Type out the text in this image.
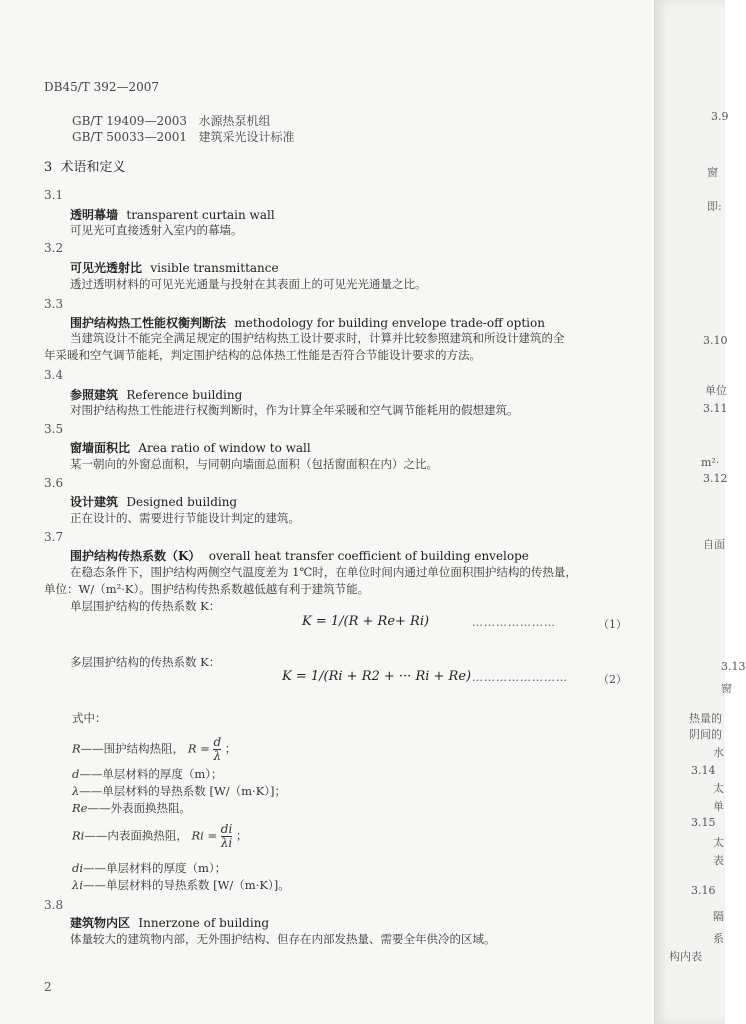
DB45/T 392—2007
GB/T 19409—2003 水源热泵机组
GB/T 50033—2001 建筑采光设计标准
3 术语和定义
3.1
透明幕墙 transparent curtain wall
可见光可直接透射入室内的幕墙。
3.2
可见光透射比 visible transmittance
透过透明材料的可见光光通量与投射在其表面上的可见光光通量之比。
3.3
围护结构热工性能权衡判断法 methodology for building envelope trade-off option
当建筑设计不能完全满足规定的围护结构热工设计要求时，计算并比较参照建筑和所设计建筑的全
年采暖和空气调节能耗，判定围护结构的总体热工性能是否符合节能设计要求的方法。
3.4
参照建筑 Reference building
对围护结构热工性能进行权衡判断时，作为计算全年采暖和空气调节能耗用的假想建筑。
3.5
窗墙面积比 Area ratio of window to wall
某一朝向的外窗总面积，与同朝向墙面总面积（包括窗面积在内）之比。
3.6
设计建筑 Designed building
正在设计的、需要进行节能设计判定的建筑。
3.7
围护结构传热系数（K） overall heat transfer coefficient of building envelope
在稳态条件下，围护结构两侧空气温度差为 1℃时，在单位时间内通过单位面积围护结构的传热量，
单位：W/（m²·K）。围护结构传热系数越低越有利于建筑节能。
单层围护结构的传热系数 K：
K = 1/(R + Re+ Ri)	…………………	（1）
多层围护结构的传热系数 K：
K = 1/(Ri + R2 + ··· Ri + Re) ……………………	（2）
式中：
R——围护结构热阻， $R = \frac{d}{\lambda}$ ；
d——单层材料的厚度（m）；
λ——单层材料的导热系数 [W/（m·K）]；
Re——外表面换热阻。
Ri——内表面换热阻， $Ri = \frac{di}{\lambda i}$ ；
di——单层材料的厚度（m）；
λi——单层材料的导热系数 [W/（m·K）]。
3.8
建筑物内区 Innerzone of building
体量较大的建筑物内部，无外围护结构、但存在内部发热量、需要全年供冷的区域。
2
3.9
窗
即:
3.10
单位
3.11
m²·
3.12
自面
3.13
窗
热量的
阴间的
水
3.14
太
单
3.15
太
表
3.16
隔
系
构内表
